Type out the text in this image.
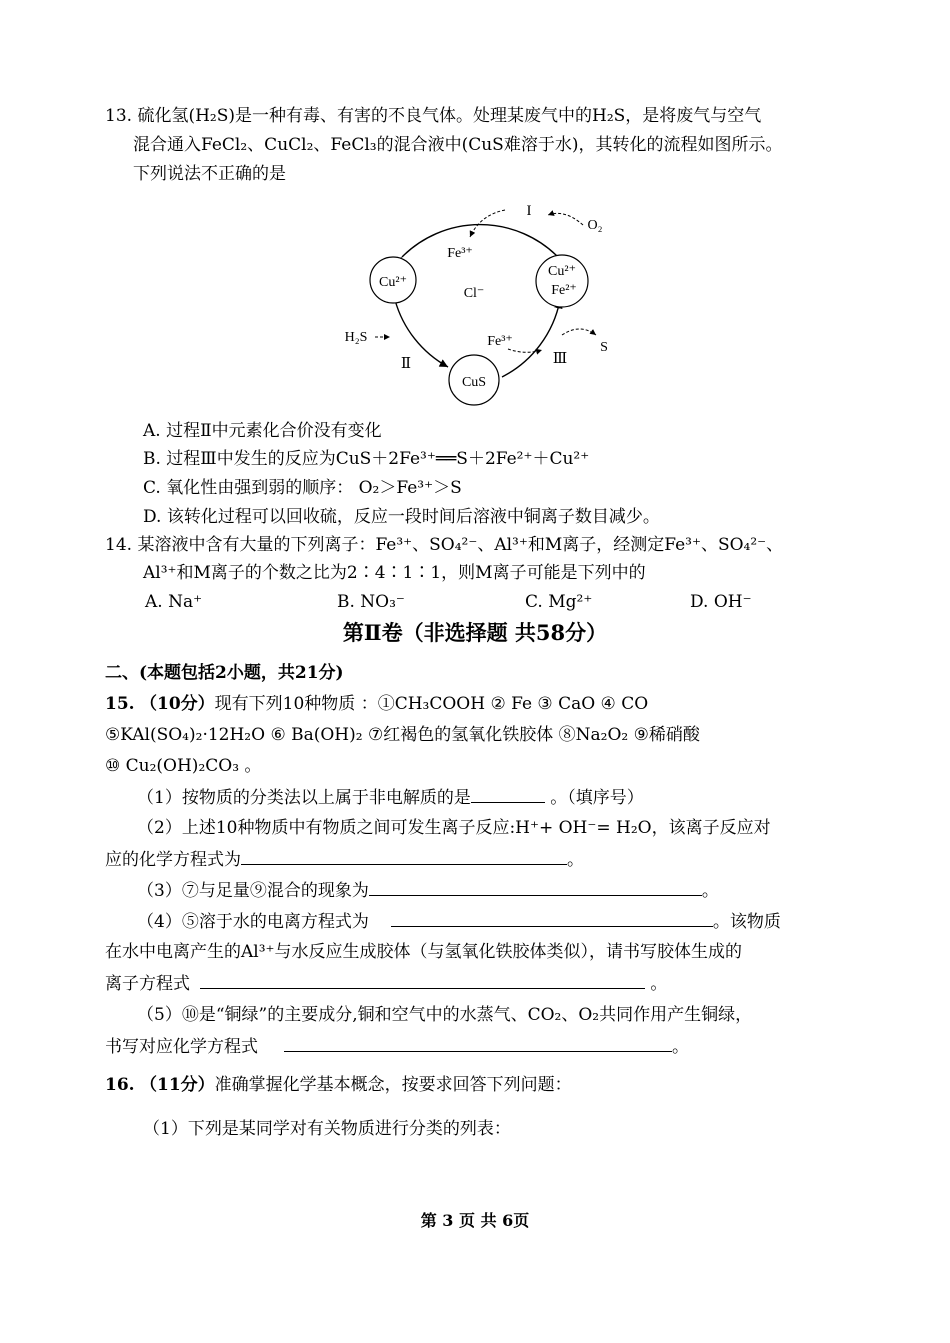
13. 硫化氢(H₂S)是一种有毒、有害的不良气体。处理某废气中的H₂S，是将废气与空气
混合通入FeCl₂、CuCl₂、FeCl₃的混合液中(CuS难溶于水)，其转化的流程如图所示。
下列说法不正确的是
Cu²⁺
Cu²⁺
Fe²⁺
CuS
Cl⁻
Fe³⁺
Fe³⁺
O₂
H₂S
S
I
Ⅱ	Ⅲ
A. 过程Ⅱ中元素化合价没有变化
B. 过程Ⅲ中发生的反应为CuS＋2Fe³⁺══S＋2Fe²⁺＋Cu²⁺
C. 氧化性由强到弱的顺序： O₂＞Fe³⁺＞S
D. 该转化过程可以回收硫，反应一段时间后溶液中铜离子数目减少。
14. 某溶液中含有大量的下列离子：Fe³⁺、SO₄²⁻、Al³⁺和M离子，经测定Fe³⁺、SO₄²⁻、
Al³⁺和M离子的个数之比为2∶4∶1∶1，则M离子可能是下列中的
A. Na⁺	B. NO₃⁻	C. Mg²⁺	D. OH⁻
第Ⅱ卷（非选择题 共58分）
二、(本题包括2小题，共21分)
15. （10分）现有下列10种物质 ：①CH₃COOH ② Fe ③ CaO ④ CO
⑤KAl(SO₄)₂·12H₂O ⑥ Ba(OH)₂ ⑦红褐色的氢氧化铁胶体 ⑧Na₂O₂ ⑨稀硝酸
⑩ Cu₂(OH)₂CO₃ 。
（1）按物质的分类法以上属于非电解质的是	。（填序号）
（2）上述10种物质中有物质之间可发生离子反应:H⁺+ OH⁻= H₂O，该离子反应对
应的化学方程式为	。
（3）⑦与足量⑨混合的现象为	。
（4）⑤溶于水的电离方程式为	。该物质
在水中电离产生的Al³⁺与水反应生成胶体（与氢氧化铁胶体类似），请书写胶体生成的
离子方程式	。
（5）⑩是“铜绿”的主要成分,铜和空气中的水蒸气、CO₂、O₂共同作用产生铜绿，
书写对应化学方程式	。
16. （11分）准确掌握化学基本概念，按要求回答下列问题：
（1）下列是某同学对有关物质进行分类的列表：
第 3 页 共 6页
